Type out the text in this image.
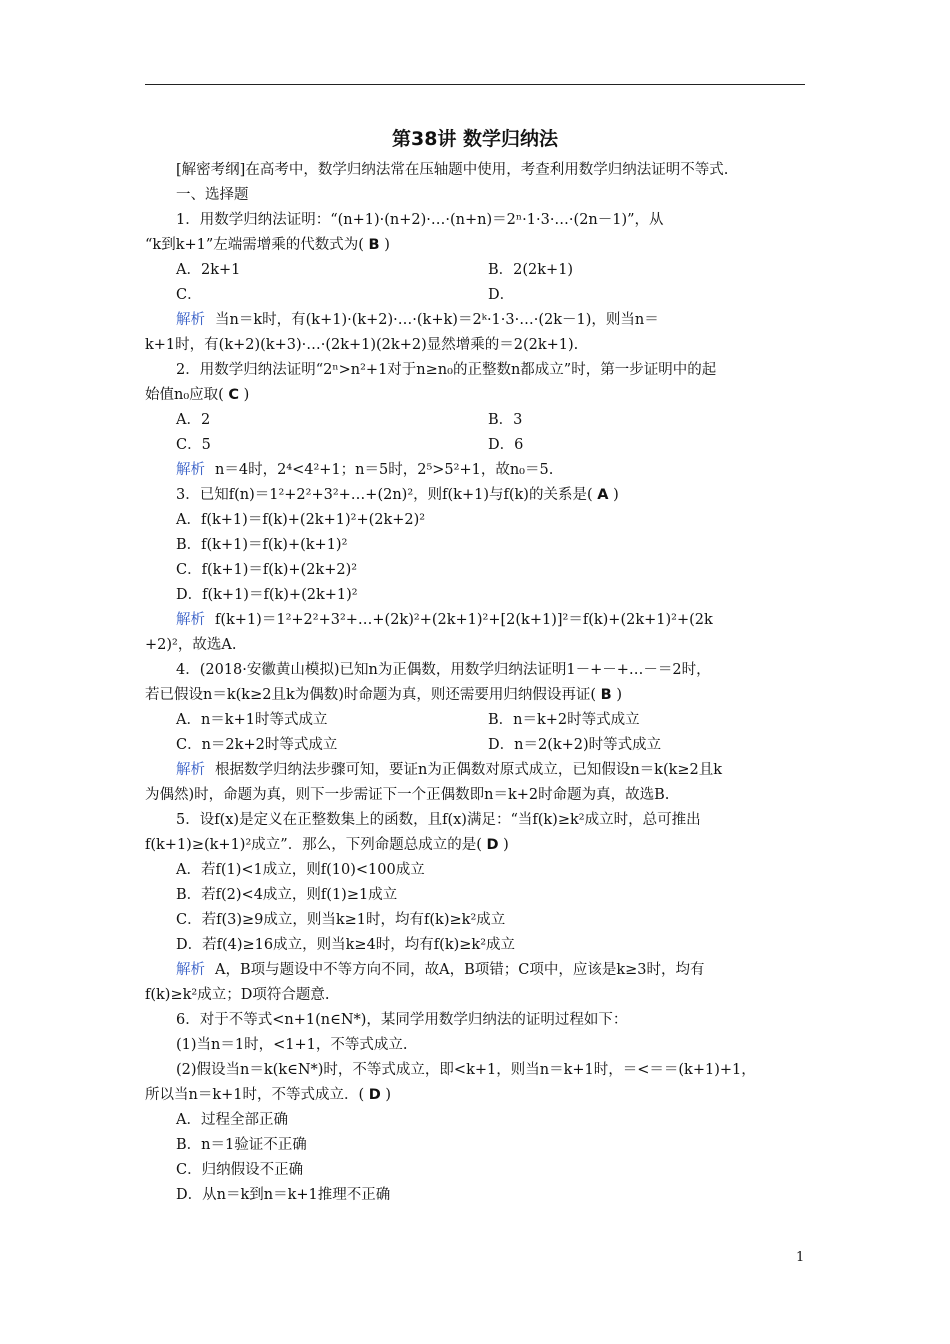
第38讲 数学归纳法
[解密考纲]在高考中，数学归纳法常在压轴题中使用，考查利用数学归纳法证明不等式.
一、选择题
1．用数学归纳法证明：“(n+1)·(n+2)·…·(n+n)＝2ⁿ·1·3·…·(2n－1)”，从
“k到k+1”左端需增乘的代数式为( B )
A．2k+1	B．2(2k+1)
C．	D．
解析 当n＝k时，有(k+1)·(k+2)·…·(k+k)＝2ᵏ·1·3·…·(2k－1)，则当n＝
k+1时，有(k+2)(k+3)·…·(2k+1)(2k+2)显然增乘的＝2(2k+1).
2．用数学归纳法证明“2ⁿ>n²+1对于n≥n₀的正整数n都成立”时，第一步证明中的起
始值n₀应取( C )
A．2	B．3
C．5	D．6
解析 n＝4时，2⁴<4²+1；n＝5时，2⁵>5²+1，故n₀＝5.
3．已知f(n)＝1²+2²+3²+…+(2n)²，则f(k+1)与f(k)的关系是( A )
A．f(k+1)＝f(k)+(2k+1)²+(2k+2)²
B．f(k+1)＝f(k)+(k+1)²
C．f(k+1)＝f(k)+(2k+2)²
D．f(k+1)＝f(k)+(2k+1)²
解析 f(k+1)＝1²+2²+3²+…+(2k)²+(2k+1)²+[2(k+1)]²＝f(k)+(2k+1)²+(2k
+2)²，故选A.
4．(2018·安徽黄山模拟)已知n为正偶数，用数学归纳法证明1－+－+…－＝2时，
若已假设n＝k(k≥2且k为偶数)时命题为真，则还需要用归纳假设再证( B )
A．n＝k+1时等式成立	B．n＝k+2时等式成立
C．n＝2k+2时等式成立	D．n＝2(k+2)时等式成立
解析 根据数学归纳法步骤可知，要证n为正偶数对原式成立，已知假设n＝k(k≥2且k
为偶然)时，命题为真，则下一步需证下一个正偶数即n＝k+2时命题为真，故选B.
5．设f(x)是定义在正整数集上的函数，且f(x)满足：“当f(k)≥k²成立时，总可推出
f(k+1)≥(k+1)²成立”．那么，下列命题总成立的是( D )
A．若f(1)<1成立，则f(10)<100成立
B．若f(2)<4成立，则f(1)≥1成立
C．若f(3)≥9成立，则当k≥1时，均有f(k)≥k²成立
D．若f(4)≥16成立，则当k≥4时，均有f(k)≥k²成立
解析 A，B项与题设中不等方向不同，故A，B项错；C项中，应该是k≥3时，均有
f(k)≥k²成立；D项符合题意.
6．对于不等式<n+1(n∈N*)，某同学用数学归纳法的证明过程如下：
(1)当n＝1时，<1+1，不等式成立.
(2)假设当n＝k(k∈N*)时，不等式成立，即<k+1，则当n＝k+1时，＝<＝＝(k+1)+1，
所以当n＝k+1时，不等式成立．( D )
A．过程全部正确
B．n＝1验证不正确
C．归纳假设不正确
D．从n＝k到n＝k+1推理不正确
1
